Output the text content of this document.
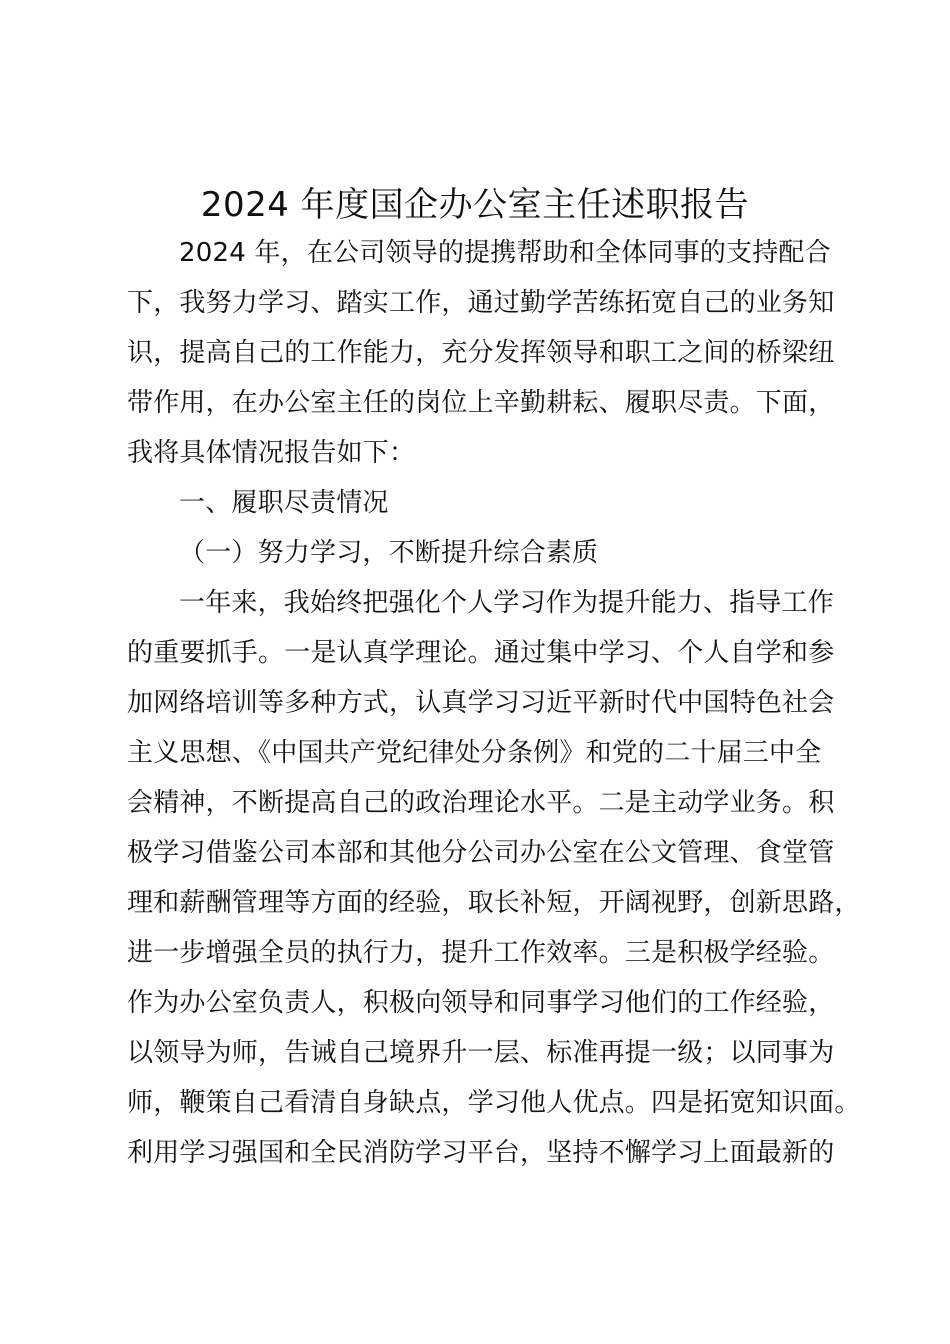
2024 年度国企办公室主任述职报告
2024 年，在公司领导的提携帮助和全体同事的支持配合
下，我努力学习、踏实工作，通过勤学苦练拓宽自己的业务知
识，提高自己的工作能力，充分发挥领导和职工之间的桥梁纽
带作用，在办公室主任的岗位上辛勤耕耘、履职尽责。下面，
我将具体情况报告如下：
一、履职尽责情况
（一）努力学习，不断提升综合素质
一年来，我始终把强化个人学习作为提升能力、指导工作
的重要抓手。一是认真学理论。通过集中学习、个人自学和参
加网络培训等多种方式，认真学习习近平新时代中国特色社会
主义思想、《中国共产党纪律处分条例》和党的二十届三中全
会精神，不断提高自己的政治理论水平。二是主动学业务。积
极学习借鉴公司本部和其他分公司办公室在公文管理、食堂管
理和薪酬管理等方面的经验，取长补短，开阔视野，创新思路，
进一步增强全员的执行力，提升工作效率。三是积极学经验。
作为办公室负责人，积极向领导和同事学习他们的工作经验，
以领导为师，告诫自己境界升一层、标准再提一级；以同事为
师，鞭策自己看清自身缺点，学习他人优点。四是拓宽知识面。
利用学习强国和全民消防学习平台，坚持不懈学习上面最新的
